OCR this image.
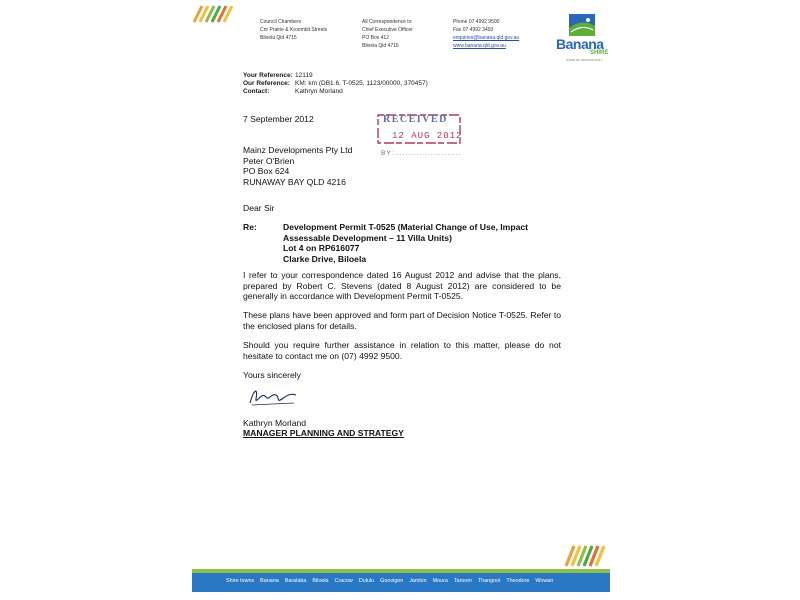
Council Chambers
Cnr Prairie & Kroombit Streets
Biloela Qld 4715
All Correspondence to
Chief Executive Officer
PO Box 412
Biloela Qld 4715
Phone 07 4992 9500
Fax 07 4992 3493
enquiries@banana.qld.gov.au
www.banana.qld.gov.au	Banana
SHIRE
HOME OF OPPORTUNITY
Your Reference: 12119
Our Reference: KM: km (DB1.6, T-0525, 1123/00000, 370457)
Contact:	Kathryn Morland
RECEIVED
12 AUG 2012
BY:........................
7 September 2012
Mainz Developments Pty Ltd
Peter O'Brien
PO Box 624
RUNAWAY BAY QLD 4216
Dear Sir
Re:	Development Permit T-0525 (Material Change of Use, Impact
Assessable Development – 11 Villa Units)
Lot 4 on RP616077
Clarke Drive, Biloela
I refer to your correspondence dated 16 August 2012 and advise that the plans, prepared by Robert C. Stevens (dated 8 August 2012) are considered to be generally in accordance with Development Permit T-0525.
These plans have been approved and form part of Decision Notice T-0525. Refer to the enclosed plans for details.
Should you require further assistance in relation to this matter, please do not hesitate to contact me on (07) 4992 9500.
Yours sincerely
Kathryn Morland
MANAGER PLANNING AND STRATEGY
Shire towns Banana Baralaba Biloela Cracow Dululu Goovigen Jambin Moura Taroom Thangool Theodore Wowan
